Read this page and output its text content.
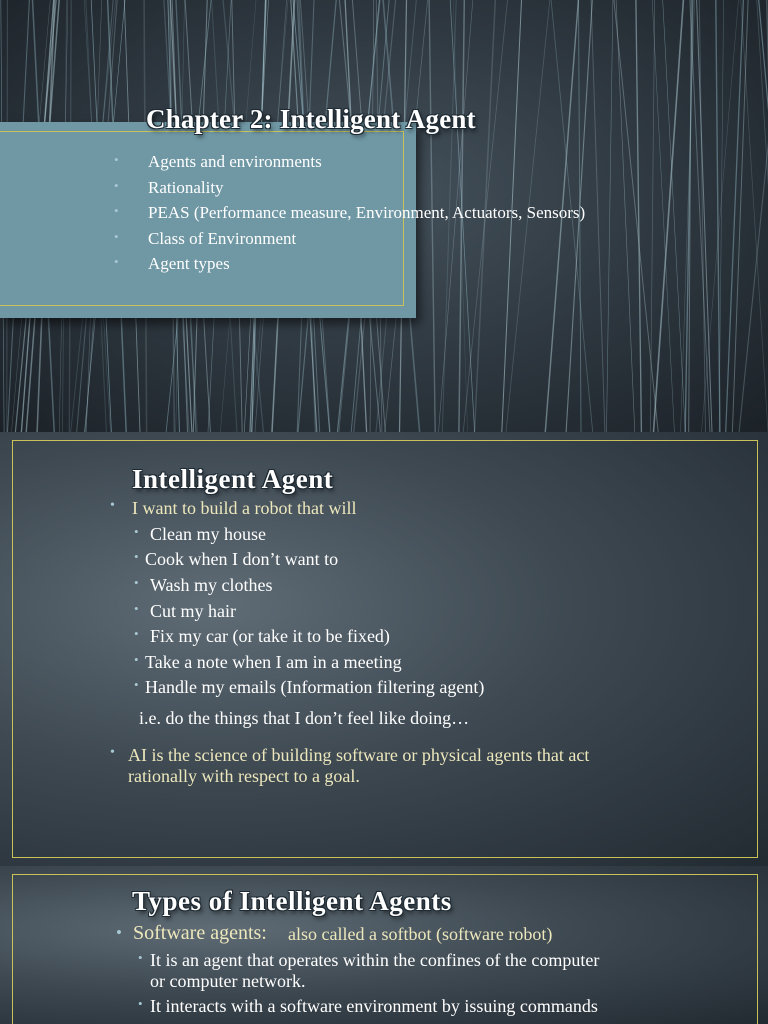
Chapter 2: Intelligent Agent
• Agents and environments
• Rationality
• PEAS (Performance measure, Environment, Actuators, Sensors)
• Class of Environment
• Agent types
Intelligent Agent
• I want to build a robot that will
• Clean my house
• Cook when I don’t want to
• Wash my clothes
• Cut my hair
• Fix my car (or take it to be fixed)
• Take a note when I am in a meeting
• Handle my emails (Information filtering agent)
i.e. do the things that I don’t feel like doing…
• AI is the science of building software or physical agents that act
rationally with respect to a goal.
Types of Intelligent Agents
• Software agents: also called a softbot (software robot)
• It is an agent that operates within the confines of the computer
or computer network.
• It interacts with a software environment by issuing commands
